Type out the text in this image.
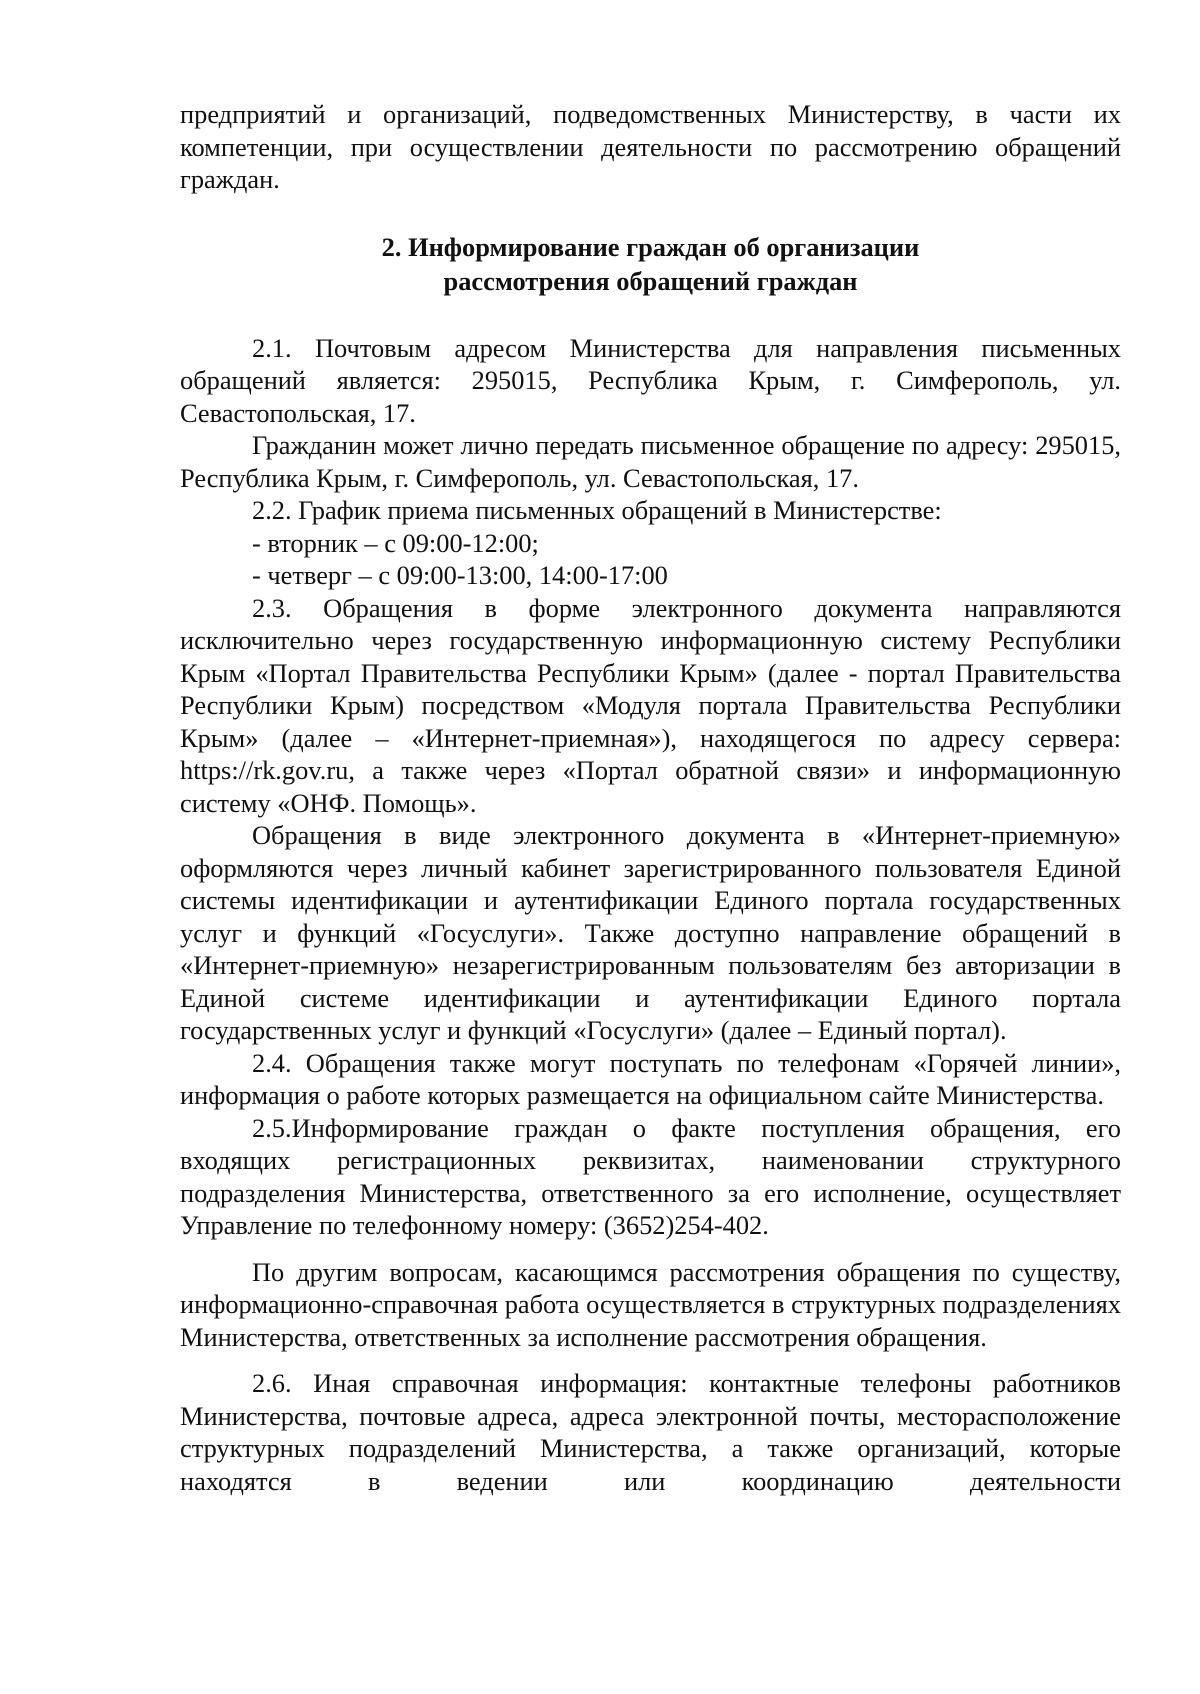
предприятий и организаций, подведомственных Министерству, в части их компетенции, при осуществлении деятельности по рассмотрению обращений граждан.

2. Информирование граждан об организации
рассмотрения обращений граждан

2.1. Почтовым адресом Министерства для направления письменных обращений является: 295015, Республика Крым, г. Симферополь, ул. Севастопольская, 17.

Гражданин может лично передать письменное обращение по адресу: 295015, Республика Крым, г. Симферополь, ул. Севастопольская, 17.

2.2. График приема письменных обращений в Министерстве:

- вторник – с 09:00-12:00;

- четверг – с 09:00-13:00, 14:00-17:00

2.3. Обращения в форме электронного документа направляются исключительно через государственную информационную систему Республики Крым «Портал Правительства Республики Крым» (далее - портал Правительства Республики Крым) посредством «Модуля портала Правительства Республики Крым» (далее – «Интернет-приемная»), находящегося по адресу сервера: https://rk.gov.ru, а также через «Портал обратной связи» и информационную систему «ОНФ. Помощь».

Обращения в виде электронного документа в «Интернет-приемную» оформляются через личный кабинет зарегистрированного пользователя Единой системы идентификации и аутентификации Единого портала государственных услуг и функций «Госуслуги». Также доступно направление обращений в «Интернет-приемную» незарегистрированным пользователям без авторизации в Единой системе идентификации и аутентификации Единого портала государственных услуг и функций «Госуслуги» (далее – Единый портал).

2.4. Обращения также могут поступать по телефонам «Горячей линии», информация о работе которых размещается на официальном сайте Министерства.

2.5.Информирование граждан о факте поступления обращения, его входящих регистрационных реквизитах, наименовании структурного подразделения Министерства, ответственного за его исполнение, осуществляет Управление по телефонному номеру: (3652)254-402.

По другим вопросам, касающимся рассмотрения обращения по существу, информационно-справочная работа осуществляется в структурных подразделениях Министерства, ответственных за исполнение рассмотрения обращения.

2.6. Иная справочная информация: контактные телефоны работников Министерства, почтовые адреса, адреса электронной почты, месторасположение структурных подразделений Министерства, а также организаций, которые находятся в ведении или координацию деятельности
